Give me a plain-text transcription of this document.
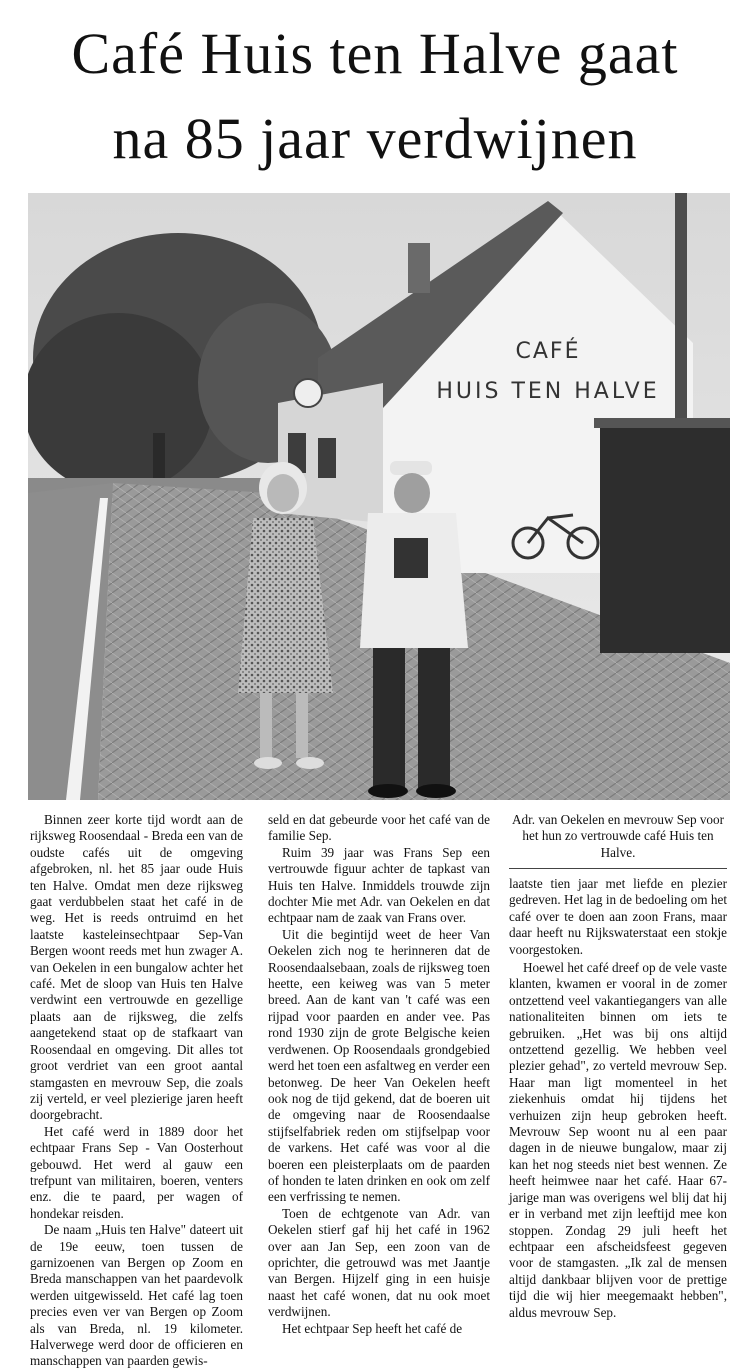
Café Huis ten Halve gaat
na 85 jaar verdwijnen
CAFÉ
HUIS TEN HALVE

Binnen zeer korte tijd wordt aan de rijksweg Roosendaal - Breda een van de oudste cafés uit de omgeving afgebroken, nl. het 85 jaar oude Huis ten Halve. Omdat men deze rijksweg gaat verdubbelen staat het café in de weg. Het is reeds ontruimd en het laatste kasteleinsechtpaar Sep-Van Bergen woont reeds met hun zwager A. van Oekelen in een bungalow achter het café. Met de sloop van Huis ten Halve verdwint een vertrouwde en gezellige plaats aan de rijksweg, die zelfs aangetekend staat op de stafkaart van Roosendaal en omgeving. Dit alles tot groot verdriet van een groot aantal stamgasten en mevrouw Sep, die zoals zij verteld, er veel plezierige jaren heeft doorgebracht.

Het café werd in 1889 door het echtpaar Frans Sep - Van Oosterhout gebouwd. Het werd al gauw een trefpunt van militairen, boeren, venters enz. die te paard, per wagen of hondekar reisden.

De naam „Huis ten Halve" dateert uit de 19e eeuw, toen tussen de garnizoenen van Bergen op Zoom en Breda manschappen van het paardevolk werden uitgewisseld. Het café lag toen precies even ver van Bergen op Zoom als van Breda, nl. 19 kilometer. Halverwege werd door de officieren en manschappen van paarden gewis-

seld en dat gebeurde voor het café van de familie Sep.

Ruim 39 jaar was Frans Sep een vertrouwde figuur achter de tapkast van Huis ten Halve. Inmiddels trouwde zijn dochter Mie met Adr. van Oekelen en dat echtpaar nam de zaak van Frans over.

Uit die begintijd weet de heer Van Oekelen zich nog te herinneren dat de Roosendaalsebaan, zoals de rijksweg toen heette, een keiweg was van 5 meter breed. Aan de kant van 't café was een rijpad voor paarden en ander vee. Pas rond 1930 zijn de grote Belgische keien verdwenen. Op Roosendaals grondgebied werd het toen een asfaltweg en verder een betonweg. De heer Van Oekelen heeft ook nog de tijd gekend, dat de boeren uit de omgeving naar de Roosendaalse stijfselfabriek reden om stijfselpap voor de varkens. Het café was voor al die boeren een pleisterplaats om de paarden of honden te laten drinken en ook om zelf een verfrissing te nemen.

Toen de echtgenote van Adr. van Oekelen stierf gaf hij het café in 1962 over aan Jan Sep, een zoon van de oprichter, die getrouwd was met Jaantje van Bergen. Hijzelf ging in een huisje naast het café wonen, dat nu ook moet verdwijnen.

Het echtpaar Sep heeft het café de

Adr. van Oekelen en mevrouw Sep voor het hun zo vertrouwde café Huis ten Halve.

laatste tien jaar met liefde en plezier gedreven. Het lag in de bedoeling om het café over te doen aan zoon Frans, maar daar heeft nu Rijkswaterstaat een stokje voorgestoken.

Hoewel het café dreef op de vele vaste klanten, kwamen er vooral in de zomer ontzettend veel vakantiegangers van alle nationaliteiten binnen om iets te gebruiken. „Het was bij ons altijd ontzettend gezellig. We hebben veel plezier gehad", zo verteld mevrouw Sep. Haar man ligt momenteel in het ziekenhuis omdat hij tijdens het verhuizen zijn heup gebroken heeft. Mevrouw Sep woont nu al een paar dagen in de nieuwe bungalow, maar zij kan het nog steeds niet best wennen. Ze heeft heimwee naar het café. Haar 67-jarige man was overigens wel blij dat hij er in verband met zijn leeftijd mee kon stoppen. Zondag 29 juli heeft het echtpaar een afscheidsfeest gegeven voor de stamgasten. „Ik zal de mensen altijd dankbaar blijven voor de prettige tijd die wij hier meegemaakt hebben", aldus mevrouw Sep.
